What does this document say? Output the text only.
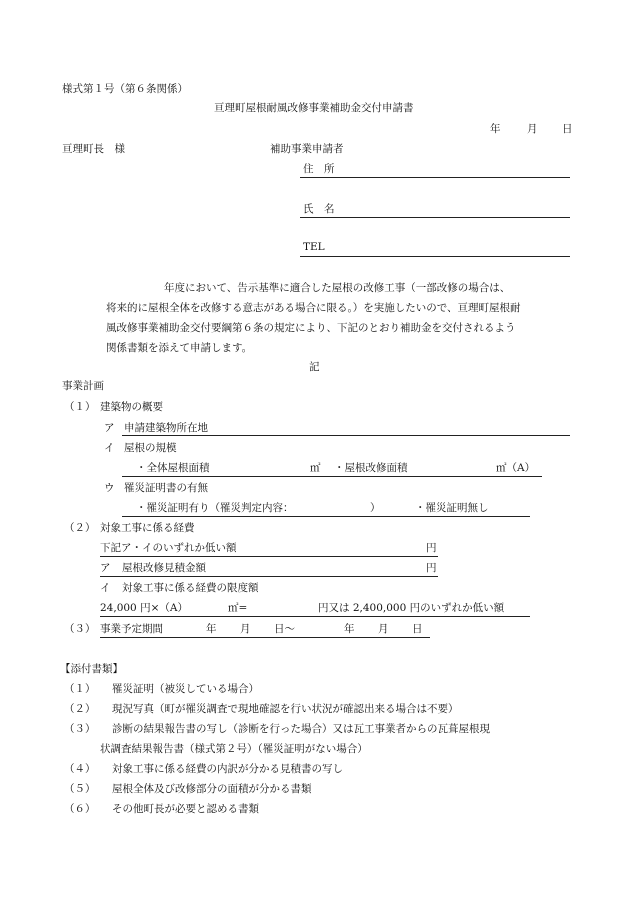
様式第１号（第６条関係）
亘理町屋根耐風改修事業補助金交付申請書
年	月 日
亘理町長　様	補助事業申請者
住　所
氏　名
TEL
年度において、告示基準に適合した屋根の改修工事（一部改修の場合は、
将来的に屋根全体を改修する意志がある場合に限る。）を実施したいので、亘理町屋根耐
風改修事業補助金交付要綱第６条の規定により、下記のとおり補助金を交付されるよう
関係書類を添えて申請します。
記
事業計画
（１） 建築物の概要
ア 申請建築物所在地
イ 屋根の規模
・全体屋根面積	㎡ ・屋根改修面積	㎡（A）
ウ 罹災証明書の有無
・罹災証明有り（罹災判定内容：	）	・罹災証明無し
（２） 対象工事に係る経費
下記ア・イのいずれか低い額	円
ア 屋根改修見積金額	円
イ 対象工事に係る経費の限度額
24,000 円×（A）	㎡=	円又は 2,400,000 円のいずれか低い額
（３） 事業予定期間	年 月 日～	年 月 日
【添付書類】
（１） 罹災証明（被災している場合）
（２） 現況写真（町が罹災調査で現地確認を行い状況が確認出来る場合は不要）
（３） 診断の結果報告書の写し（診断を行った場合）又は瓦工事業者からの瓦葺屋根現
状調査結果報告書（様式第２号）（罹災証明がない場合）
（４） 対象工事に係る経費の内訳が分かる見積書の写し
（５） 屋根全体及び改修部分の面積が分かる書類
（６） その他町長が必要と認める書類
